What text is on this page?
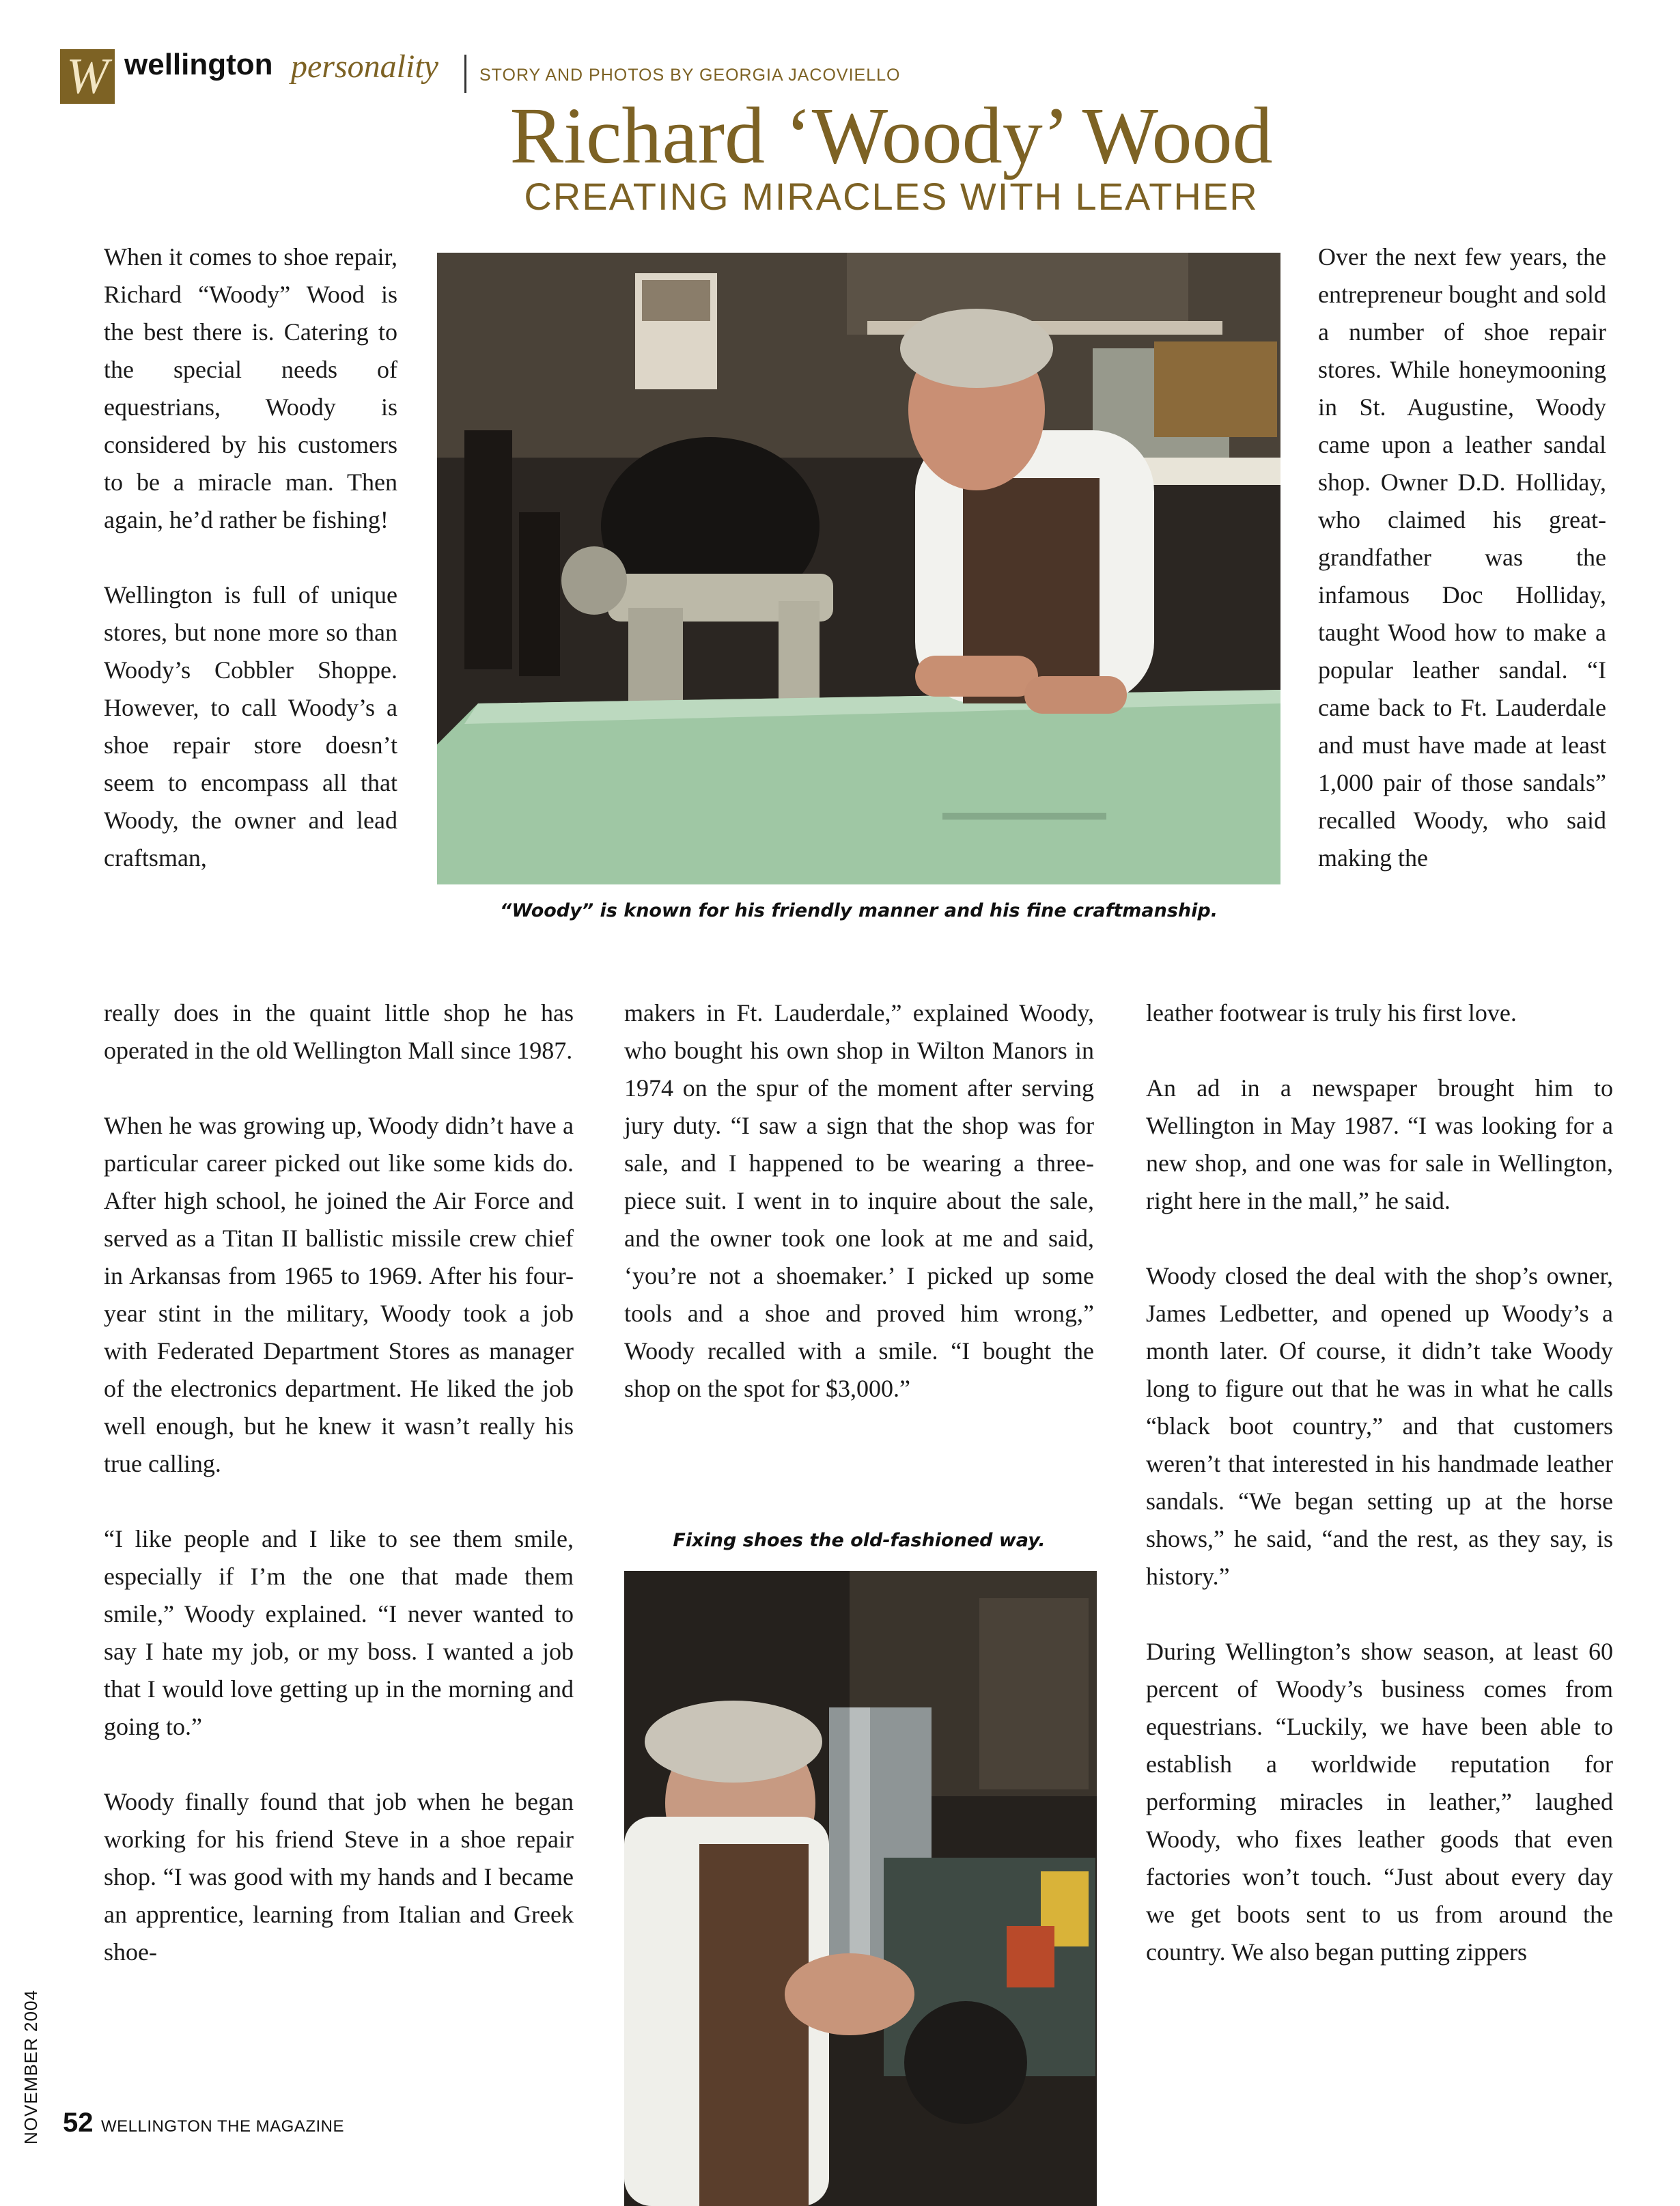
W wellington personality STORY AND PHOTOS BY GEORGIA JACOVIELLO
Richard ‘Woody’ Wood
CREATING MIRACLES WITH LEATHER
When it comes to shoe repair, Richard “Woody” Wood is the best there is. Catering to the special needs of equestrians, Woody is considered by his customers to be a miracle man. Then again, he’d rather be fishing!
Wellington is full of unique stores, but none more so than Woody’s Cobbler Shoppe. However, to call Woody’s a shoe repair store doesn’t seem to encompass all that Woody, the owner and lead craftsman,
“Woody” is known for his friendly manner and his fine craftmanship.
Over the next few years, the entrepreneur bought and sold a number of shoe repair stores. While honeymooning in St. Augustine, Woody came upon a leather sandal shop. Owner D.D. Holliday, who claimed his great-grandfather was the infamous Doc Holliday, taught Wood how to make a popular leather sandal. “I came back to Ft. Lauderdale and must have made at least 1,000 pair of those sandals” recalled Woody, who said making the
really does in the quaint little shop he has operated in the old Wellington Mall since 1987.
When he was growing up, Woody didn’t have a particular career picked out like some kids do. After high school, he joined the Air Force and served as a Titan II ballistic missile crew chief in Arkansas from 1965 to 1969. After his four-year stint in the military, Woody took a job with Federated Department Stores as manager of the electronics department. He liked the job well enough, but he knew it wasn’t really his true calling.
“I like people and I like to see them smile, especially if I’m the one that made them smile,” Woody explained. “I never wanted to say I hate my job, or my boss. I wanted a job that I would love getting up in the morning and going to.”
Woody finally found that job when he began working for his friend Steve in a shoe repair shop. “I was good with my hands and I became an apprentice, learning from Italian and Greek shoe-
makers in Ft. Lauderdale,” explained Woody, who bought his own shop in Wilton Manors in 1974 on the spur of the moment after serving jury duty. “I saw a sign that the shop was for sale, and I happened to be wearing a three-piece suit. I went in to inquire about the sale, and the owner took one look at me and said, ‘you’re not a shoemaker.’ I picked up some tools and a shoe and proved him wrong,” Woody recalled with a smile. “I bought the shop on the spot for $3,000.”
Fixing shoes the old-fashioned way.
leather footwear is truly his first love.
An ad in a newspaper brought him to Wellington in May 1987. “I was looking for a new shop, and one was for sale in Wellington, right here in the mall,” he said.
Woody closed the deal with the shop’s owner, James Ledbetter, and opened up Woody’s a month later. Of course, it didn’t take Woody long to figure out that he was in what he calls “black boot country,” and that customers weren’t that interested in his handmade leather sandals. “We began setting up at the horse shows,” he said, “and the rest, as they say, is history.”
During Wellington’s show season, at least 60 percent of Woody’s business comes from equestrians. “Luckily, we have been able to establish a worldwide reputation for performing miracles in leather,” laughed Woody, who fixes leather goods that even factories won’t touch. “Just about every day we get boots sent to us from around the country. We also began putting zippers
NOVEMBER 2004 52 WELLINGTON THE MAGAZINE
